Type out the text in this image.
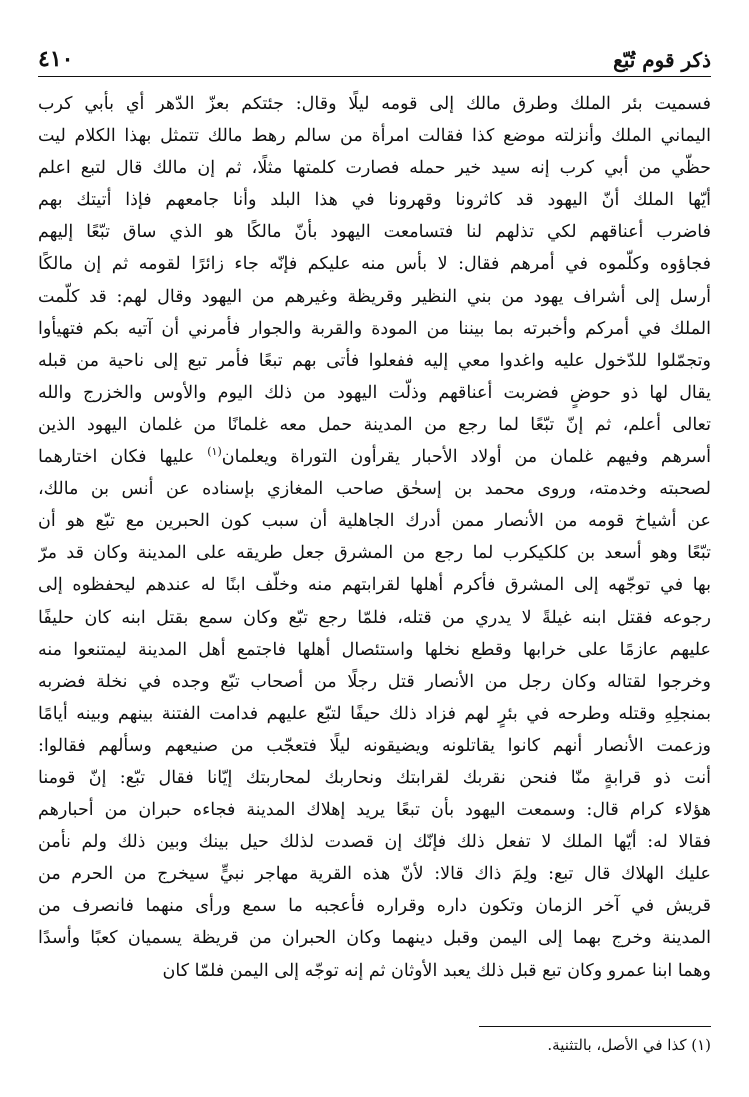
٤١٠	ذكر قوم تُبّع
فسميت بئر الملك وطرق مالك إلى قومه ليلًا وقال: جئتكم بعزّ الدّهر أي بأبي كرب
اليماني الملك وأنزلته موضع كذا فقالت امرأة من سالم رهط مالك تتمثل بهذا الكلام ليت
حظّي من أبي كرب إنه سيد خير حمله فصارت كلمتها مثلًا، ثم إن مالك قال لتبع اعلم
أيّها الملك أنّ اليهود قد كاثرونا وقهرونا في هذا البلد وأنا جامعهم فإذا أتيتك بهم
فاضرب أعناقهم لكي تذلهم لنا فتسامعت اليهود بأنّ مالكًا هو الذي ساق تبّعًا إليهم
فجاؤوه وكلّموه في أمرهم فقال: لا بأس منه عليكم فإنّه جاء زائرًا لقومه ثم إن مالكًا
أرسل إلى أشراف يهود من بني النظير وقريظة وغيرهم من اليهود وقال لهم: قد كلّمت
الملك في أمركم وأخبرته بما بيننا من المودة والقربة والجوار فأمرني أن آتيه بكم فتهيأوا
وتجمّلوا للدّخول عليه واغدوا معي إليه ففعلوا فأتى بهم تبعًا فأمر تبع إلى ناحية من قبله
يقال لها ذو حوضٍ فضربت أعناقهم وذلّت اليهود من ذلك اليوم والأوس والخزرج والله
تعالى أعلم، ثم إنّ تبّعًا لما رجع من المدينة حمل معه غلمانًا من غلمان اليهود الذين
أسرهم وفيهم غلمان من أولاد الأحبار يقرأون التوراة ويعلمان$^{(١)}$ عليها فكان اختارهما
لصحبته وخدمته، وروى محمد بن إسحٰق صاحب المغازي بإسناده عن أنس بن مالك،
عن أشياخ قومه من الأنصار ممن أدرك الجاهلية أن سبب كون الحبرين مع تبّع هو أن
تبّعًا وهو أسعد بن كلكيكرب لما رجع من المشرق جعل طريقه على المدينة وكان قد مرّ
بها في توجّهه إلى المشرق فأكرم أهلها لقرابتهم منه وخلّف ابنًا له عندهم ليحفظوه إلى
رجوعه فقتل ابنه غيلةً لا يدري من قتله، فلمّا رجع تبّع وكان سمع بقتل ابنه كان حليفًا
عليهم عازمًا على خرابها وقطع نخلها واستئصال أهلها فاجتمع أهل المدينة ليمتنعوا منه
وخرجوا لقتاله وكان رجل من الأنصار قتل رجلًا من أصحاب تبّع وجده في نخلة فضربه
بمنجلِهِ وقتله وطرحه في بئرٍ لهم فزاد ذلك حيفًا لتبّع عليهم فدامت الفتنة بينهم وبينه أيامًا
وزعمت الأنصار أنهم كانوا يقاتلونه ويضيقونه ليلًا فتعجّب من صنيعهم وسألهم فقالوا:
أنت ذو قرابةٍ منّا فنحن نقربك لقرابتك ونحاربك لمحاربتك إيّانا فقال تبّع: إنّ قومنا
هؤلاء كرام قال: وسمعت اليهود بأن تبعًا يريد إهلاك المدينة فجاءه حبران من أحبارهم
فقالا له: أيّها الملك لا تفعل ذلك فإنّك إن قصدت لذلك حيل بينك وبين ذلك ولم نأمن
عليك الهلاك قال تبع: ولِمَ ذاك قالا: لأنّ هذه القرية مهاجر نبيٍّ سيخرج من الحرم من
قريش في آخر الزمان وتكون داره وقراره فأعجبه ما سمع ورأى منهما فانصرف من
المدينة وخرج بهما إلى اليمن وقبل دينهما وكان الحبران من قريظة يسميان كعبًا وأسدًا
وهما ابنا عمرو وكان تبع قبل ذلك يعبد الأوثان ثم إنه توجّه إلى اليمن فلمّا كان
(١) كذا في الأصل، بالتثنية.
